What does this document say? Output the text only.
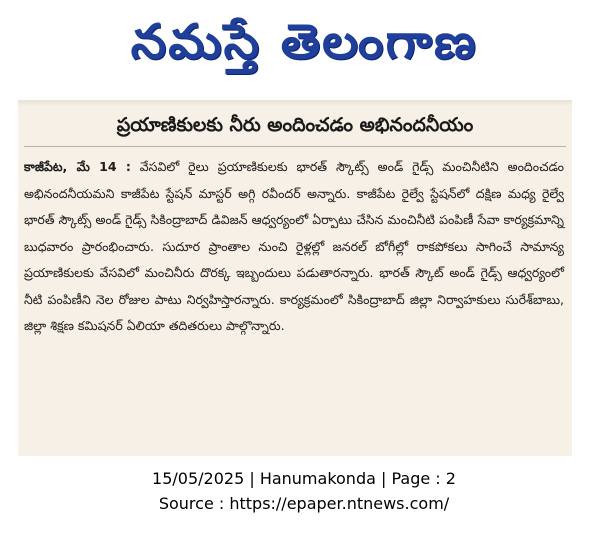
నమస్తే తెలంగాణ
ప్రయాణికులకు నీరు అందించడం అభినందనీయం

కాజీపేట, మే 14 : వేసవిలో రైలు ప్రయాణికులకు భారత్ స్కౌట్స్ అండ్ గైడ్స్ మంచినీటిని అందించడం అభినందనీయమని కాజీపేట స్టేషన్ మాస్టర్ అగ్గి రవీందర్ అన్నారు. కాజీపేట రైల్వే స్టేషన్‌లో దక్షిణ మధ్య రైల్వే భారత్ స్కౌట్స్ అండ్ గైడ్స్ సికింద్రాబాద్ డివిజన్ ఆధ్వర్యంలో ఏర్పాటు చేసిన మంచినీటి పంపిణీ సేవా కార్యక్రమాన్ని బుధవారం ప్రారంభించారు. సుదూర ప్రాంతాల నుంచి రైళ్లల్లో జనరల్ బోగీల్లో రాకపోకలు సాగించే సామాన్య ప్రయాణికులకు వేసవిలో మంచినీరు దొరక్క ఇబ్బందులు పడుతారన్నారు. భారత్ స్కౌట్ అండ్ గైడ్స్ ఆధ్వర్యంలో నీటి పంపిణీని నెల రోజుల పాటు నిర్వహిస్తారన్నారు. కార్యక్రమంలో సికింద్రాబాద్ జిల్లా నిర్వాహకులు సురేశ్‌బాబు, జిల్లా శిక్షణ కమిషనర్ ఏలియా తదితరులు పాల్గొన్నారు.

15/05/2025 | Hanumakonda | Page : 2
Source : https://epaper.ntnews.com/
